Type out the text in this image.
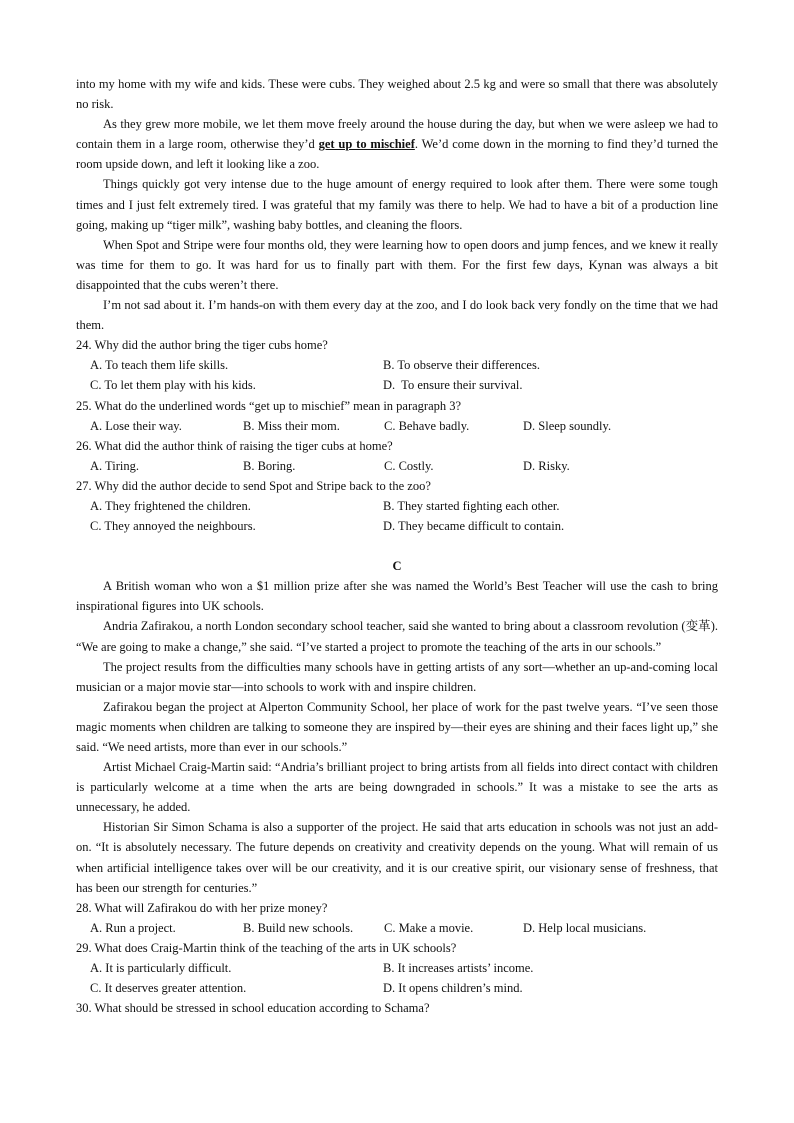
into my home with my wife and kids. These were cubs. They weighed about 2.5 kg and were so small that there was absolutely no risk.

As they grew more mobile, we let them move freely around the house during the day, but when we were asleep we had to contain them in a large room, otherwise they’d get up to mischief. We’d come down in the morning to find they’d turned the room upside down, and left it looking like a zoo.

Things quickly got very intense due to the huge amount of energy required to look after them. There were some tough times and I just felt extremely tired. I was grateful that my family was there to help. We had to have a bit of a production line going, making up “tiger milk”, washing baby bottles, and cleaning the floors.

When Spot and Stripe were four months old, they were learning how to open doors and jump fences, and we knew it really was time for them to go. It was hard for us to finally part with them. For the first few days, Kynan was always a bit disappointed that the cubs weren’t there.

I’m not sad about it. I’m hands-on with them every day at the zoo, and I do look back very fondly on the time that we had them.

24. Why did the author bring the tiger cubs home?

A. To teach them life skills.	B. To observe their differences.
C. To let them play with his kids.	D.  To ensure their survival.

25. What do the underlined words “get up to mischief” mean in paragraph 3?

A. Lose their way.	B. Miss their mom.	C. Behave badly.	D. Sleep soundly.

26. What did the author think of raising the tiger cubs at home?

A. Tiring.	B. Boring.	C. Costly.	D. Risky.

27. Why did the author decide to send Spot and Stripe back to the zoo?

A. They frightened the children.	B. They started fighting each other.
C. They annoyed the neighbours.	D. They became difficult to contain.

C

A British woman who won a $1 million prize after she was named the World’s Best Teacher will use the cash to bring inspirational figures into UK schools.

Andria Zafirakou, a north London secondary school teacher, said she wanted to bring about a classroom revolution (变革). “We are going to make a change,” she said. “I’ve started a project to promote the teaching of the arts in our schools.”

The project results from the difficulties many schools have in getting artists of any sort—whether an up-and-coming local musician or a major movie star—into schools to work with and inspire children.

Zafirakou began the project at Alperton Community School, her place of work for the past twelve years. “I’ve seen those magic moments when children are talking to someone they are inspired by—their eyes are shining and their faces light up,” she said. “We need artists, more than ever in our schools.”

Artist Michael Craig-Martin said: “Andria’s brilliant project to bring artists from all fields into direct contact with children is particularly welcome at a time when the arts are being downgraded in schools.” It was a mistake to see the arts as unnecessary, he added.

Historian Sir Simon Schama is also a supporter of the project. He said that arts education in schools was not just an add-on. “It is absolutely necessary. The future depends on creativity and creativity depends on the young. What will remain of us when artificial intelligence takes over will be our creativity, and it is our creative spirit, our visionary sense of freshness, that has been our strength for centuries.”

28. What will Zafirakou do with her prize money?

A. Run a project.	B. Build new schools.	C. Make a movie.	D. Help local musicians.

29. What does Craig-Martin think of the teaching of the arts in UK schools?

A. It is particularly difficult.	B. It increases artists’ income.
C. It deserves greater attention.	D. It opens children’s mind.

30. What should be stressed in school education according to Schama?
